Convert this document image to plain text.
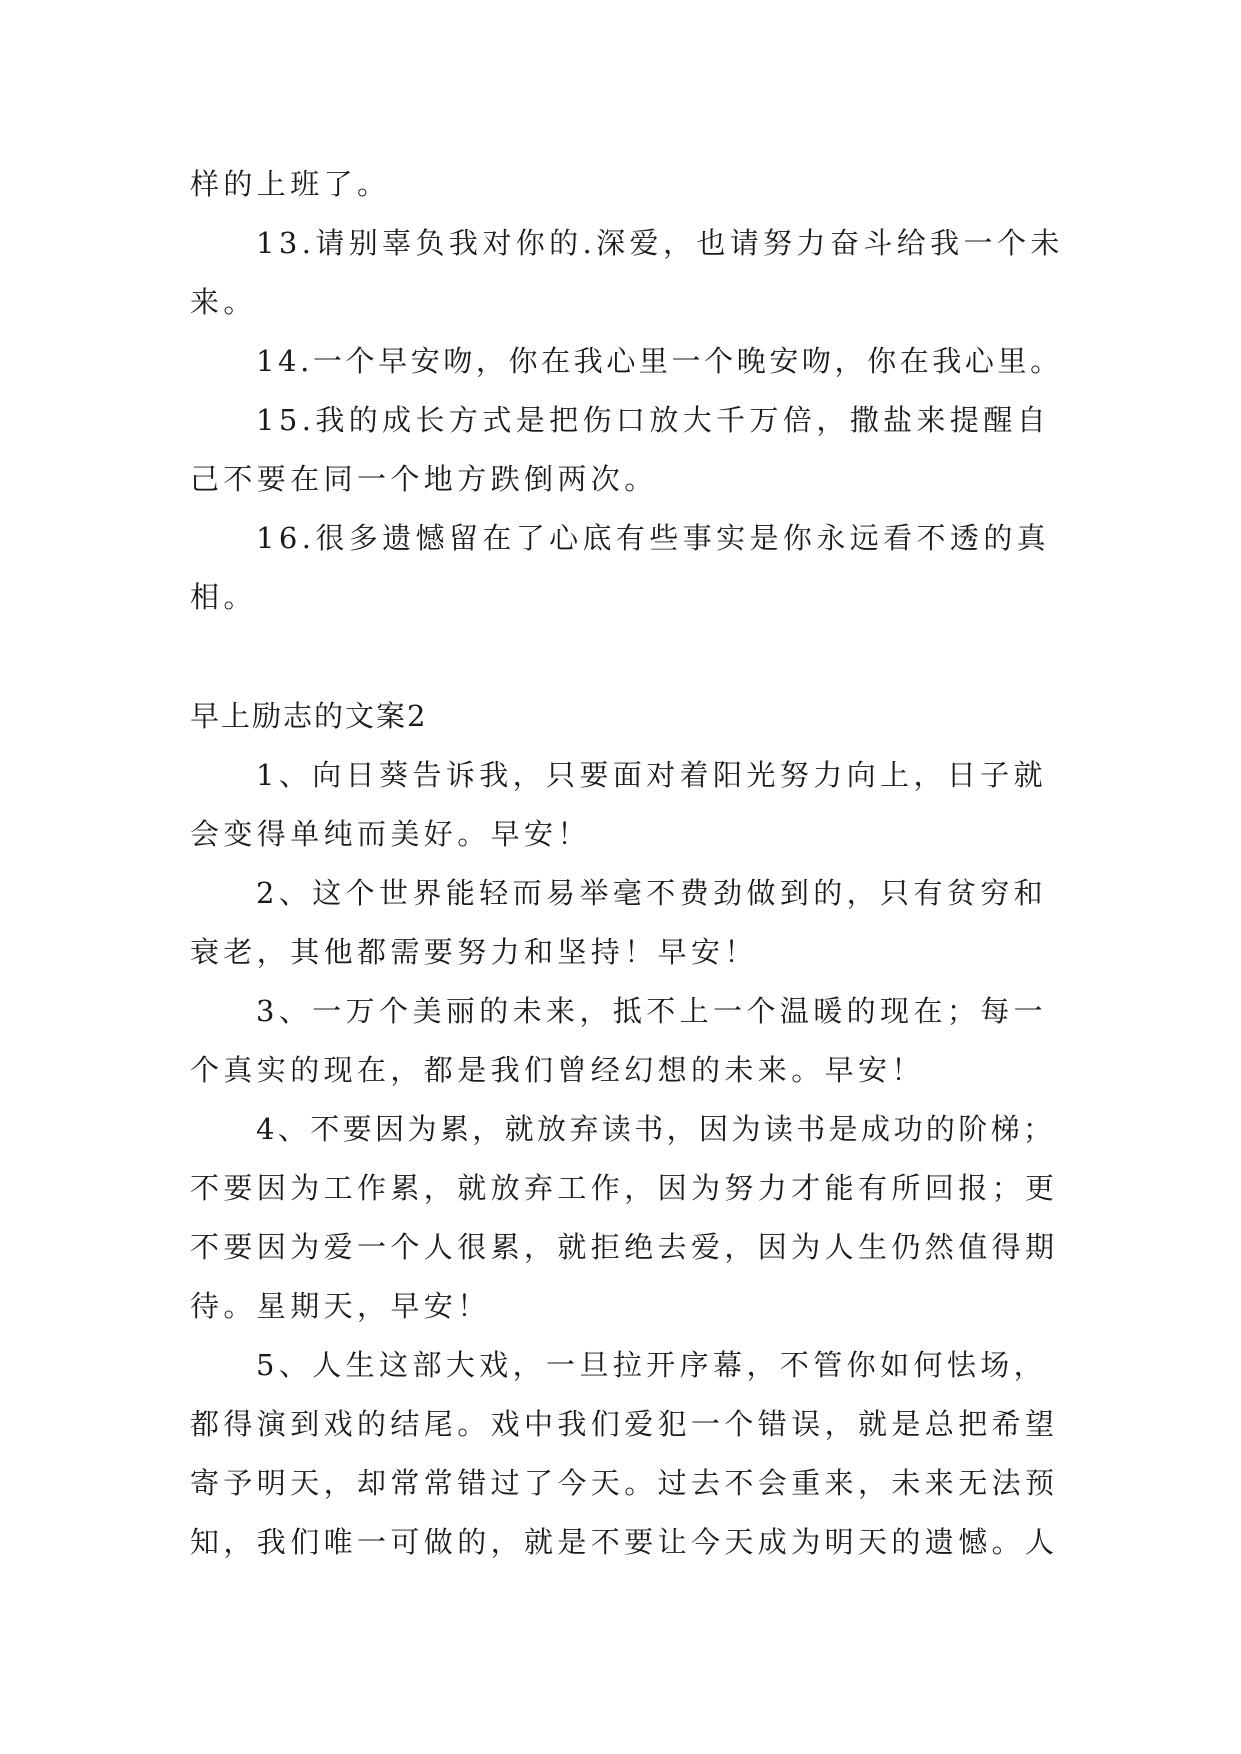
样的上班了。

13.请别辜负我对你的.深爱，也请努力奋斗给我一个未
来。

14.一个早安吻，你在我心里一个晚安吻，你在我心里。

15.我的成长方式是把伤口放大千万倍，撒盐来提醒自
己不要在同一个地方跌倒两次。

16.很多遗憾留在了心底有些事实是你永远看不透的真
相。

早上励志的文案2

1、向日葵告诉我，只要面对着阳光努力向上，日子就
会变得单纯而美好。早安！

2、这个世界能轻而易举毫不费劲做到的，只有贫穷和
衰老，其他都需要努力和坚持！早安！

3、一万个美丽的未来，抵不上一个温暖的现在；每一
个真实的现在，都是我们曾经幻想的未来。早安！

4、不要因为累，就放弃读书，因为读书是成功的阶梯；
不要因为工作累，就放弃工作，因为努力才能有所回报；更
不要因为爱一个人很累，就拒绝去爱，因为人生仍然值得期
待。星期天，早安！

5、人生这部大戏，一旦拉开序幕，不管你如何怯场，
都得演到戏的结尾。戏中我们爱犯一个错误，就是总把希望
寄予明天，却常常错过了今天。过去不会重来，未来无法预
知，我们唯一可做的，就是不要让今天成为明天的遗憾。人
